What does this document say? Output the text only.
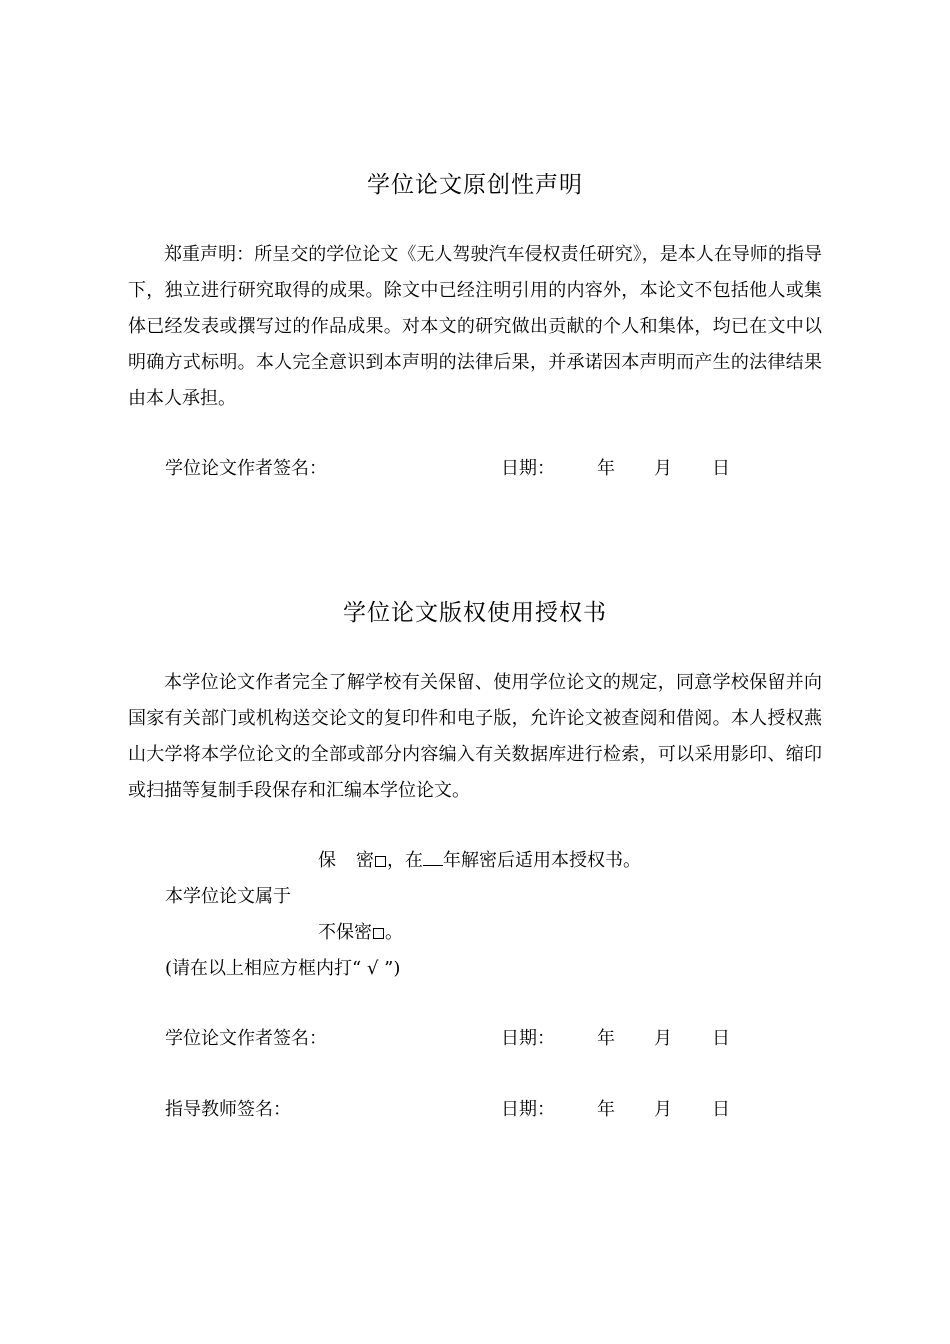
学位论文原创性声明

郑重声明：所呈交的学位论文《无人驾驶汽车侵权责任研究》，是本人在导师的指导下，独立进行研究取得的成果。除文中已经注明引用的内容外，本论文不包括他人或集体已经发表或撰写过的作品成果。对本文的研究做出贡献的个人和集体，均已在文中以明确方式标明。本人完全意识到本声明的法律后果，并承诺因本声明而产生的法律结果由本人承担。

学位论文作者签名：	日期： 年 月 日
学位论文版权使用授权书

本学位论文作者完全了解学校有关保留、使用学位论文的规定，同意学校保留并向国家有关部门或机构送交论文的复印件和电子版，允许论文被查阅和借阅。本人授权燕山大学将本学位论文的全部或部分内容编入有关数据库进行检索，可以采用影印、缩印或扫描等复制手段保存和汇编本学位论文。

保 密 ，在 年解密后适用本授权书。
本学位论文属于
不保密 。
(请在以上相应方框内打“ √ ”)
学位论文作者签名：	日期： 年 月 日
指导教师签名：	日期： 年 月 日
